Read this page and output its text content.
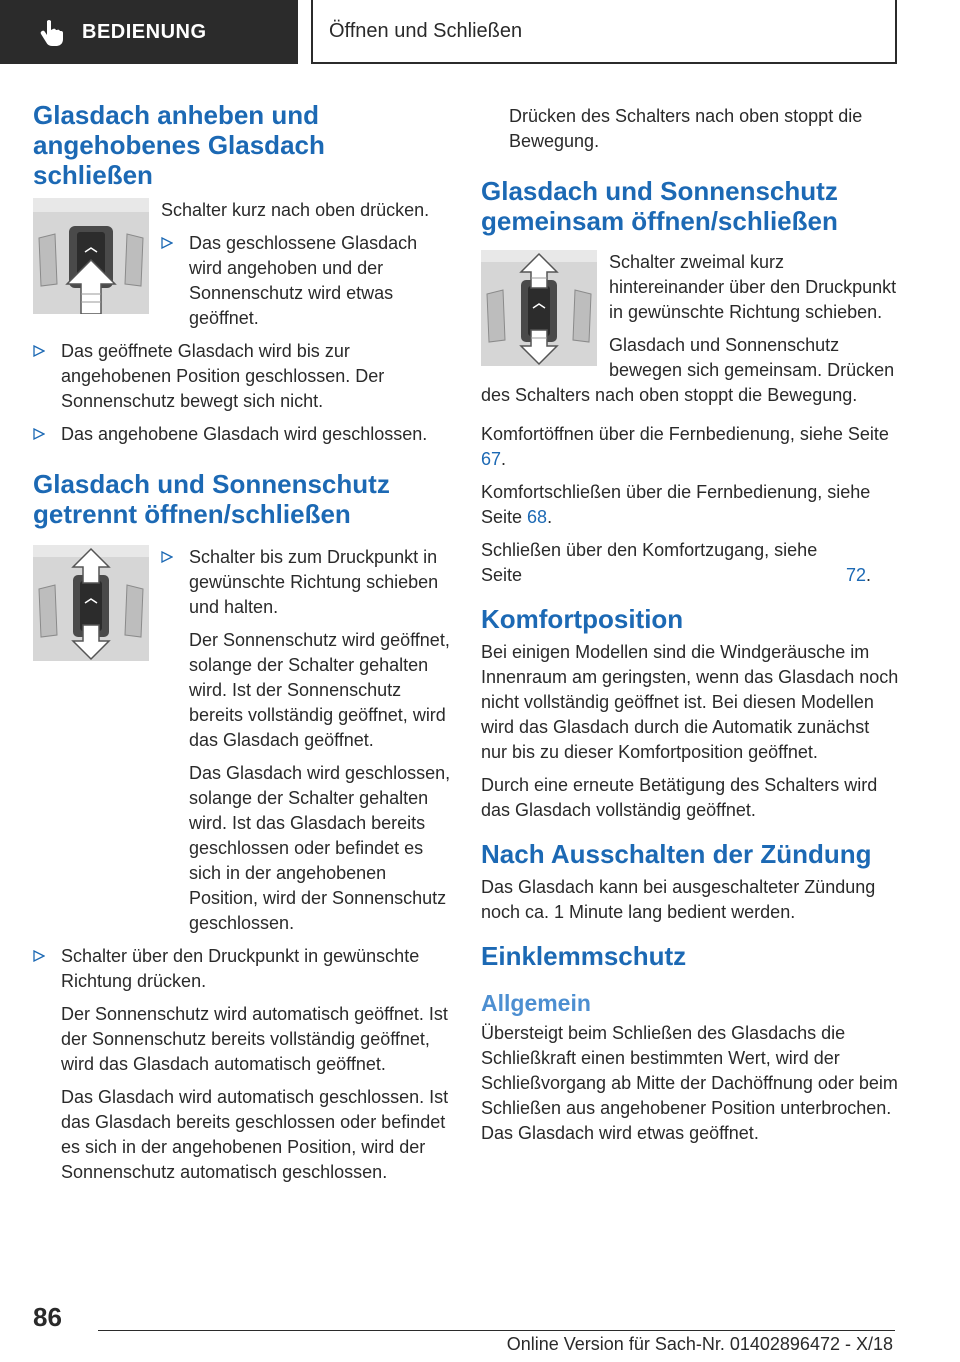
BEDIENUNG	Öffnen und Schließen
Glasdach anheben und angehobenes Glasdach schließen

Schalter kurz nach oben drücken.

Das geschlossene Glasdach wird angehoben und der Sonnenschutz wird etwas geöffnet.
Das geöffnete Glasdach wird bis zur angehobenen Position geschlossen. Der Sonnenschutz bewegt sich nicht.
Das angehobene Glasdach wird geschlossen.
Glasdach und Sonnenschutz getrennt öffnen/schließen
Schalter bis zum Druckpunkt in gewünschte Richtung schieben und halten.

Der Sonnenschutz wird geöffnet, solange der Schalter gehalten wird. Ist der Sonnenschutz bereits vollständig geöffnet, wird das Glasdach geöffnet.

Das Glasdach wird geschlossen, solange der Schalter gehalten wird. Ist das Glasdach bereits geschlossen oder befindet es sich in der angehobenen Position, wird der Sonnenschutz geschlossen.

Schalter über den Druckpunkt in gewünschte Richtung drücken.

Der Sonnenschutz wird automatisch geöffnet. Ist der Sonnenschutz bereits vollständig geöffnet, wird das Glasdach automatisch geöffnet.

Das Glasdach wird automatisch geschlossen. Ist das Glasdach bereits geschlossen oder befindet es sich in der angehobenen Position, wird der Sonnenschutz automatisch geschlossen.

Drücken des Schalters nach oben stoppt die Bewegung.

Glasdach und Sonnenschutz gemeinsam öffnen/schließen

Schalter zweimal kurz hintereinander über den Druckpunkt in gewünschte Richtung schieben.

Glasdach und Sonnenschutz bewegen sich gemeinsam. Drücken des Schalters nach oben stoppt die Bewegung.

Komfortöffnen über die Fernbedienung, siehe Seite 67.

Komfortschließen über die Fernbedienung, siehe Seite 68.

Schließen über den Komfortzugang, siehe Seite	72.

Komfortposition

Bei einigen Modellen sind die Windgeräusche im Innenraum am geringsten, wenn das Glasdach noch nicht vollständig geöffnet ist. Bei diesen Modellen wird das Glasdach durch die Automatik zunächst nur bis zu dieser Komfortposition geöffnet.

Durch eine erneute Betätigung des Schalters wird das Glasdach vollständig geöffnet.

Nach Ausschalten der Zündung

Das Glasdach kann bei ausgeschalteter Zündung noch ca. 1 Minute lang bedient werden.

Einklemmschutz
Allgemein

Übersteigt beim Schließen des Glasdachs die Schließkraft einen bestimmten Wert, wird der Schließvorgang ab Mitte der Dachöffnung oder beim Schließen aus angehobener Position unterbrochen. Das Glasdach wird etwas geöffnet.

86
Online Version für Sach-Nr. 01402896472 - X/18
